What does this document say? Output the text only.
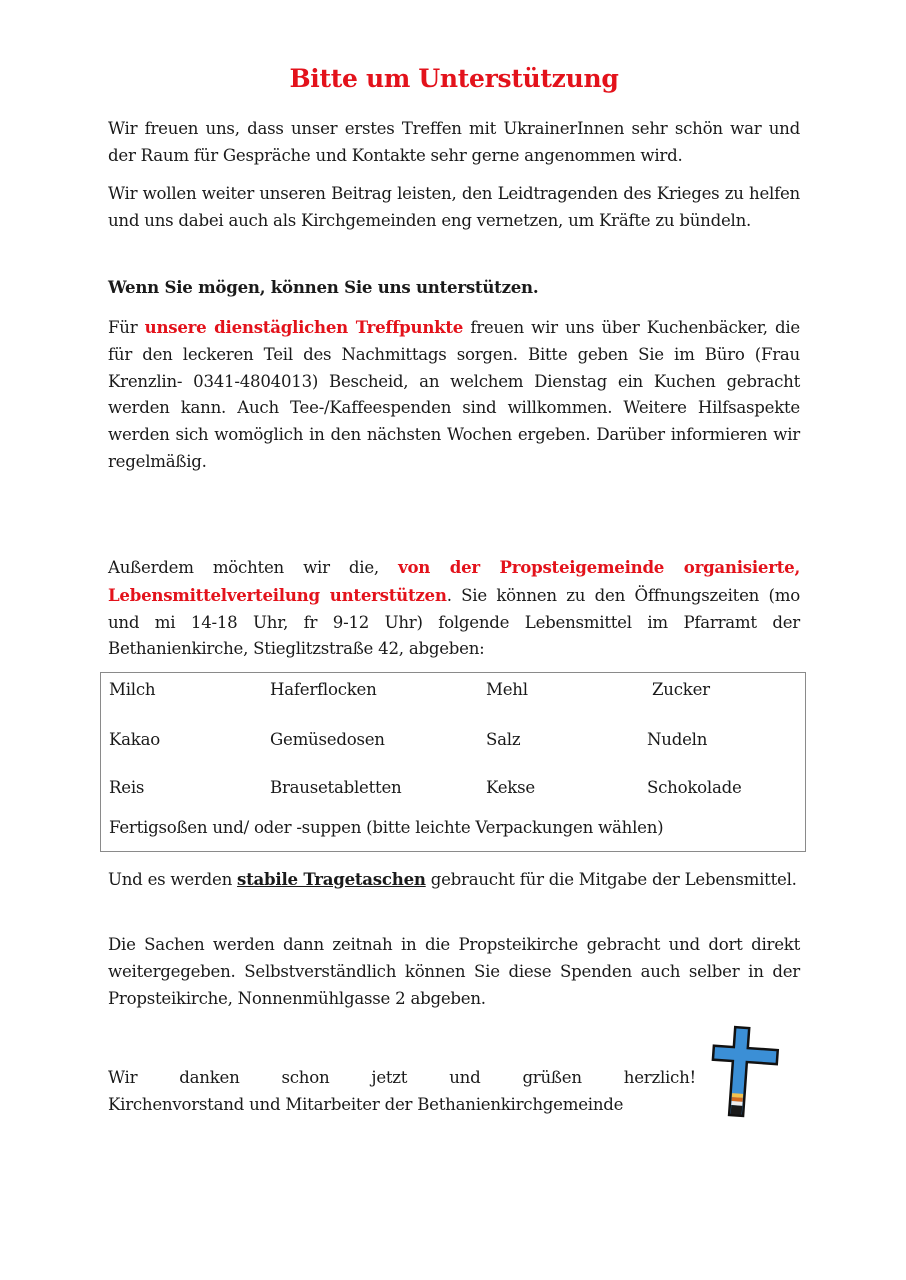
Bitte um Unterstützung

Wir freuen uns, dass unser erstes Treffen mit UkrainerInnen sehr schön war und der Raum für Gespräche und Kontakte sehr gerne angenommen wird.

Wir wollen weiter unseren Beitrag leisten, den Leidtragenden des Krieges zu helfen und uns dabei auch als Kirchgemeinden eng vernetzen, um Kräfte zu bündeln.

Wenn Sie mögen, können Sie uns unterstützen.

Für unsere dienstäglichen Treffpunkte freuen wir uns über Kuchenbäcker, die für den leckeren Teil des Nachmittags sorgen. Bitte geben Sie im Büro (Frau Krenzlin- 0341-4804013) Bescheid, an welchem Dienstag ein Kuchen gebracht werden kann. Auch Tee-/Kaffeespenden sind willkommen. Weitere Hilfsaspekte werden sich womöglich in den nächsten Wochen ergeben. Darüber informieren wir regelmäßig.

Außerdem möchten wir die, von der Propsteigemeinde organisierte, Lebensmittelverteilung unterstützen. Sie können zu den Öffnungszeiten (mo und mi 14-18 Uhr, fr 9-12 Uhr) folgende Lebensmittel im Pfarramt der Bethanienkirche, Stieglitzstraße 42, abgeben:

Milch	Haferflocken	Mehl	Zucker
Kakao	Gemüsedosen	Salz	Nudeln
Reis	Brausetabletten	Kekse	Schokolade
Fertigsoßen und/ oder -suppen (bitte leichte Verpackungen wählen)

Und es werden stabile Tragetaschen gebraucht für die Mitgabe der Lebensmittel.

Die Sachen werden dann zeitnah in die Propsteikirche gebracht und dort direkt weitergegeben. Selbstverständlich können Sie diese Spenden auch selber in der Propsteikirche, Nonnenmühlgasse 2 abgeben.

Wir	danken	schon	jetzt	und	grüßen	herzlich!
Kirchenvorstand und Mitarbeiter der Bethanienkirchgemeinde
